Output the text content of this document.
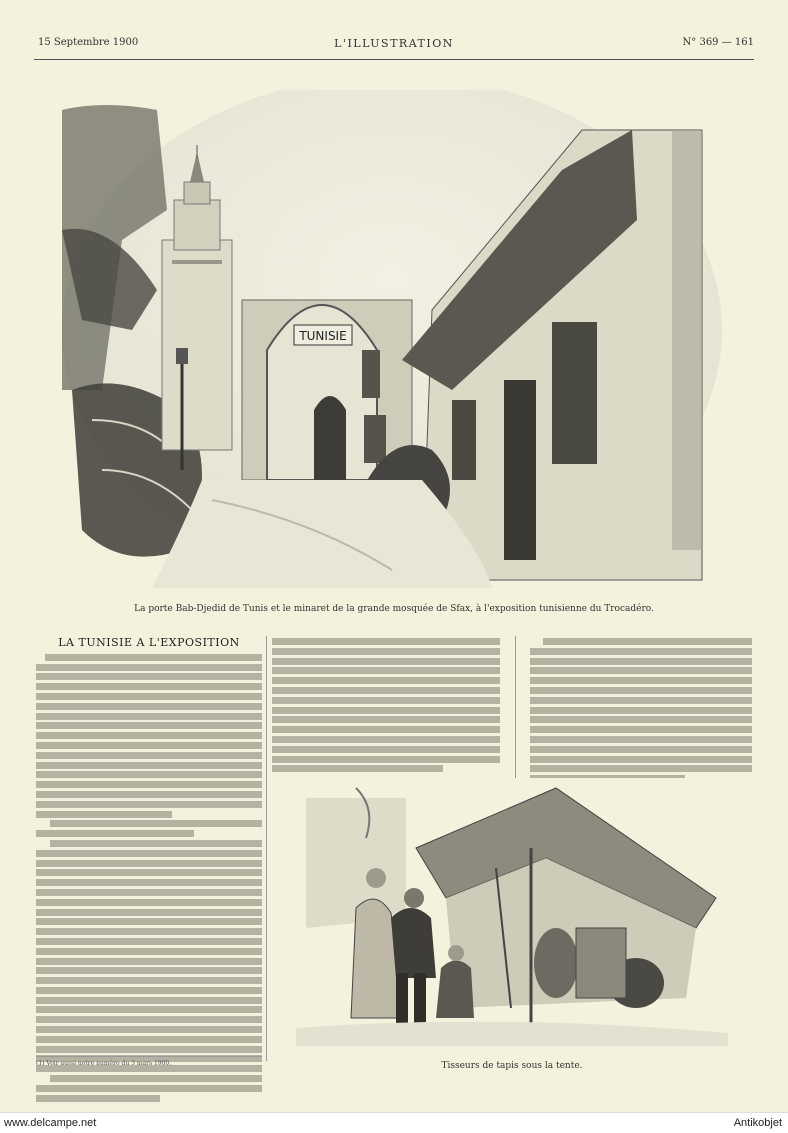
15 Septembre 1900	L'ILLUSTRATION	N° 369 — 161
TUNISIE
La porte Bab-Djedid de Tunis et le minaret de la grande mosquée de Sfax, à l'exposition tunisienne du Trocadéro.
LA TUNISIE A L'EXPOSITION
(1) Voir aussi notre numéro du 3 mars 1900.	Tisseurs de tapis sous la tente.
www.delcampe.net	Antikobjet
